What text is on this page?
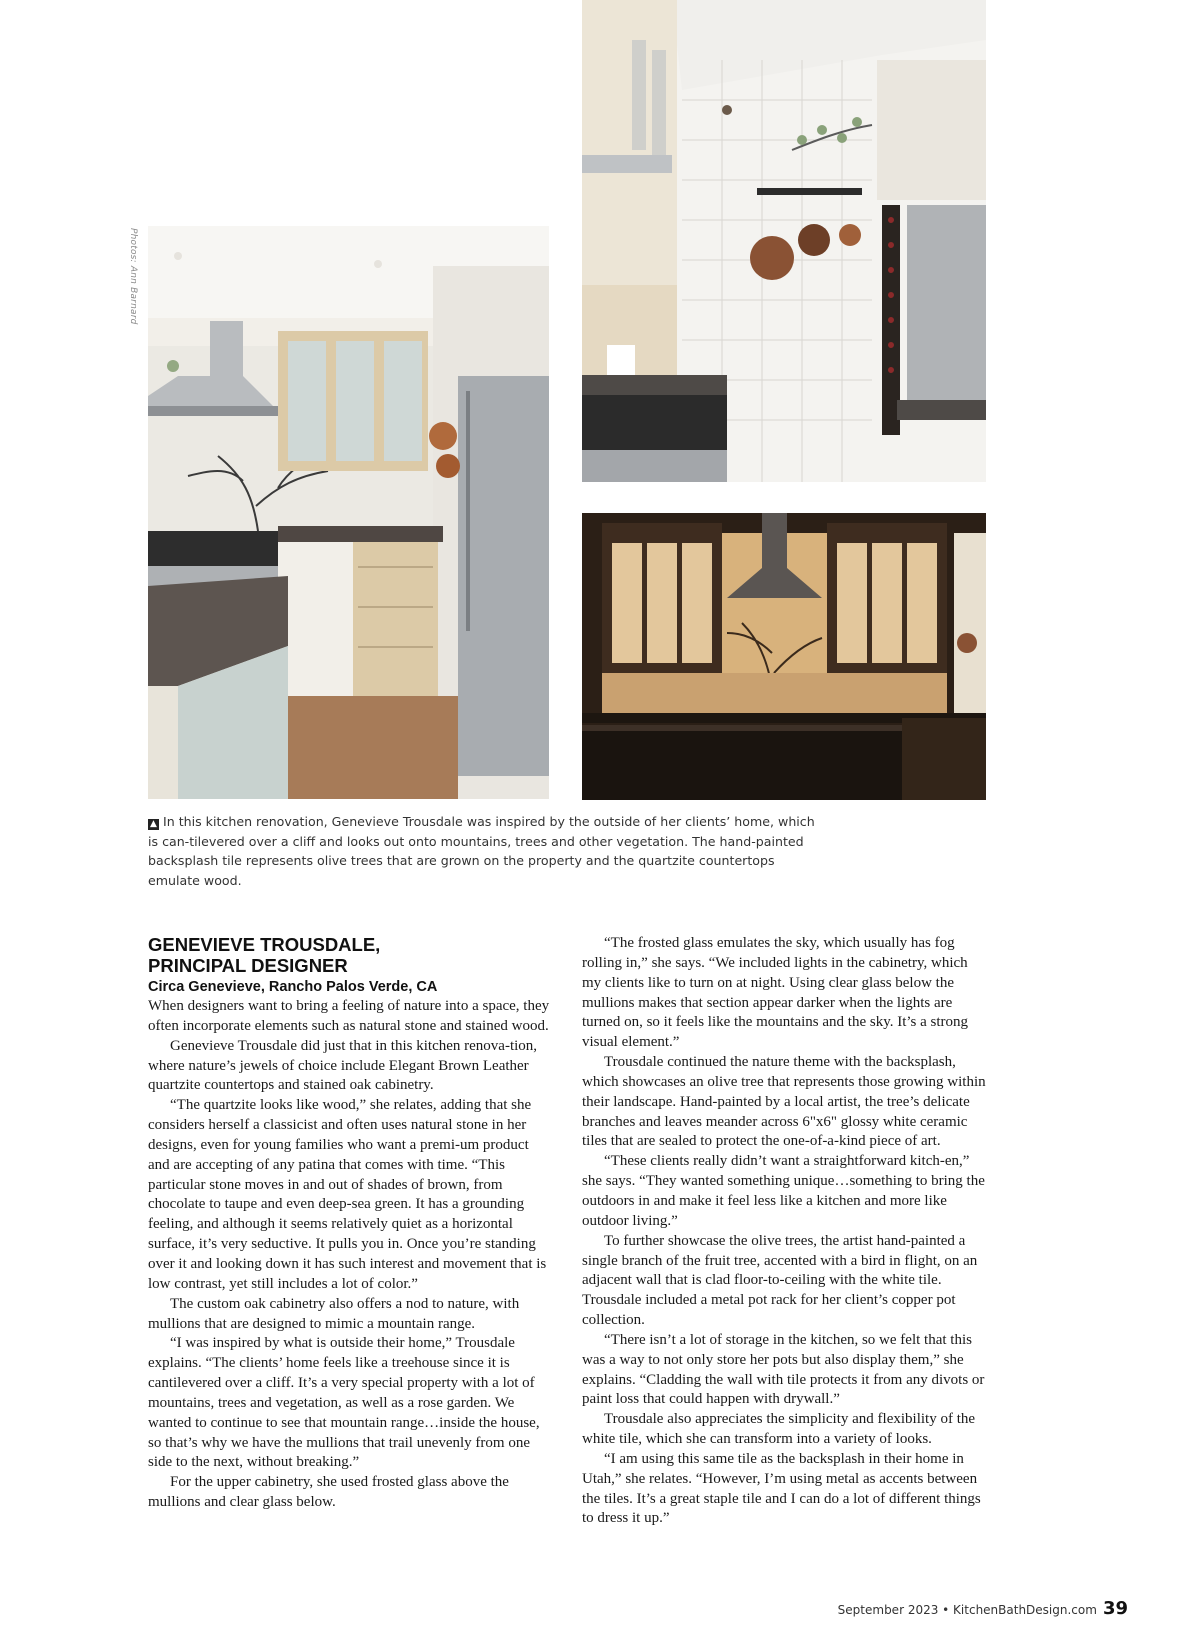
Photos: Ann Barnard
▲ In this kitchen renovation, Genevieve Trousdale was inspired by the outside of her clients’ home, which is can-tilevered over a cliff and looks out onto mountains, trees and other vegetation. The hand-painted backsplash tile represents olive trees that are grown on the property and the quartzite countertops emulate wood.
GENEVIEVE TROUSDALE,
PRINCIPAL DESIGNER
Circa Genevieve, Rancho Palos Verde, CA

When designers want to bring a feeling of nature into a space, they often incorporate elements such as natural stone and stained wood.

Genevieve Trousdale did just that in this kitchen renova-tion, where nature’s jewels of choice include Elegant Brown Leather quartzite countertops and stained oak cabinetry.

“The quartzite looks like wood,” she relates, adding that she considers herself a classicist and often uses natural stone in her designs, even for young families who want a premi-um product and are accepting of any patina that comes with time. “This particular stone moves in and out of shades of brown, from chocolate to taupe and even deep-sea green. It has a grounding feeling, and although it seems relatively quiet as a horizontal surface, it’s very seductive. It pulls you in. Once you’re standing over it and looking down it has such interest and movement that is low contrast, yet still includes a lot of color.”

The custom oak cabinetry also offers a nod to nature, with mullions that are designed to mimic a mountain range.

“I was inspired by what is outside their home,” Trousdale explains. “The clients’ home feels like a treehouse since it is cantilevered over a cliff. It’s a very special property with a lot of mountains, trees and vegetation, as well as a rose garden. We wanted to continue to see that mountain range…inside the house, so that’s why we have the mullions that trail unevenly from one side to the next, without breaking.”

For the upper cabinetry, she used frosted glass above the mullions and clear glass below.

“The frosted glass emulates the sky, which usually has fog rolling in,” she says. “We included lights in the cabinetry, which my clients like to turn on at night. Using clear glass below the mullions makes that section appear darker when the lights are turned on, so it feels like the mountains and the sky. It’s a strong visual element.”

Trousdale continued the nature theme with the backsplash, which showcases an olive tree that represents those growing within their landscape. Hand-painted by a local artist, the tree’s delicate branches and leaves meander across 6"x6" glossy white ceramic tiles that are sealed to protect the one-of-a-kind piece of art.

“These clients really didn’t want a straightforward kitch-en,” she says. “They wanted something unique…something to bring the outdoors in and make it feel less like a kitchen and more like outdoor living.”

To further showcase the olive trees, the artist hand-painted a single branch of the fruit tree, accented with a bird in flight, on an adjacent wall that is clad floor-to-ceiling with the white tile. Trousdale included a metal pot rack for her client’s copper pot collection.

“There isn’t a lot of storage in the kitchen, so we felt that this was a way to not only store her pots but also display them,” she explains. “Cladding the wall with tile protects it from any divots or paint loss that could happen with drywall.”

Trousdale also appreciates the simplicity and flexibility of the white tile, which she can transform into a variety of looks.

“I am using this same tile as the backsplash in their home in Utah,” she relates. “However, I’m using metal as accents between the tiles. It’s a great staple tile and I can do a lot of different things to dress it up.”

September 2023 • KitchenBathDesign.com 39
